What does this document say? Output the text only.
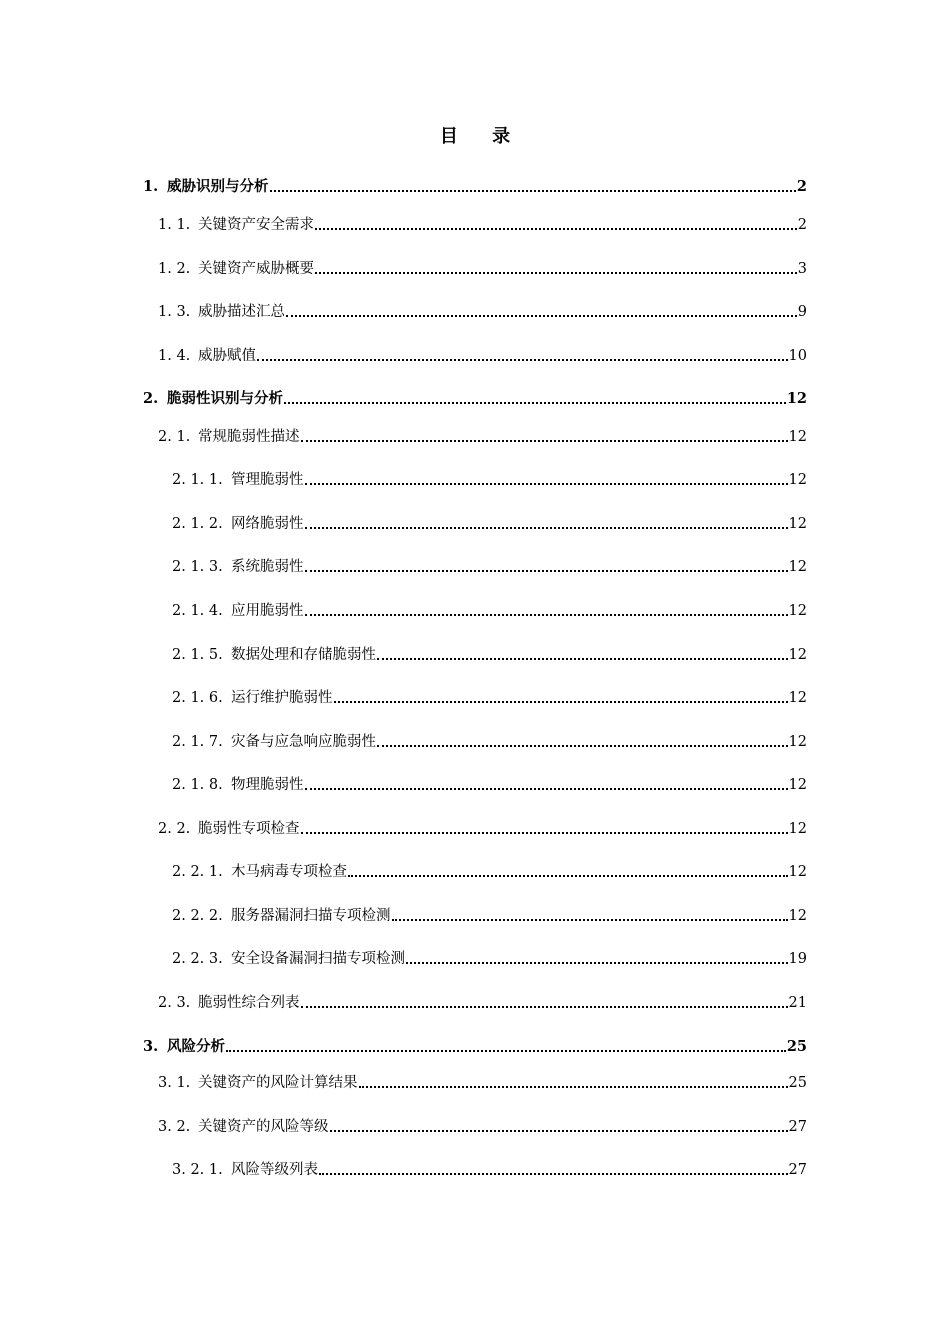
目 录
1. 威胁识别与分析	2
1. 1. 关键资产安全需求	2
1. 2. 关键资产威胁概要	3
1. 3. 威胁描述汇总	9
1. 4. 威胁赋值	10
2. 脆弱性识别与分析	12
2. 1. 常规脆弱性描述	12
2. 1. 1. 管理脆弱性	12
2. 1. 2. 网络脆弱性	12
2. 1. 3. 系统脆弱性	12
2. 1. 4. 应用脆弱性	12
2. 1. 5. 数据处理和存储脆弱性	12
2. 1. 6. 运行维护脆弱性	12
2. 1. 7. 灾备与应急响应脆弱性	12
2. 1. 8. 物理脆弱性	12
2. 2. 脆弱性专项检查	12
2. 2. 1. 木马病毒专项检查	12
2. 2. 2. 服务器漏洞扫描专项检测	12
2. 2. 3. 安全设备漏洞扫描专项检测	19
2. 3. 脆弱性综合列表	21
3. 风险分析	25
3. 1. 关键资产的风险计算结果	25
3. 2. 关键资产的风险等级	27
3. 2. 1. 风险等级列表	27
